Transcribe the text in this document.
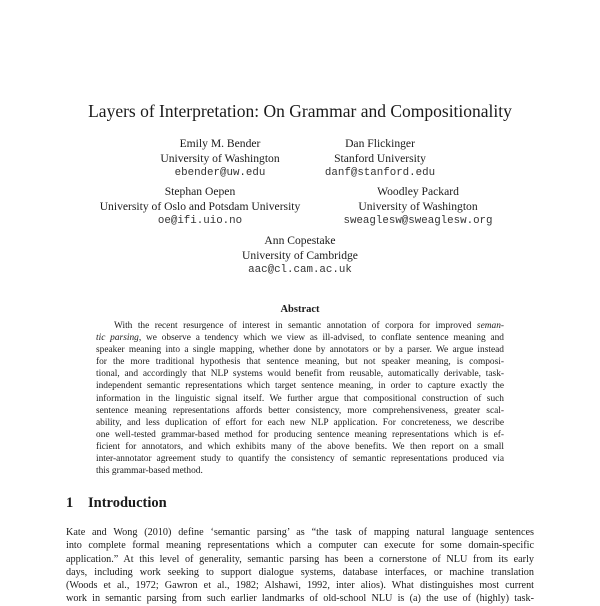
Layers of Interpretation: On Grammar and Compositionality
Emily M. Bender
University of Washington
ebender@uw.edu
Dan Flickinger
Stanford University
danf@stanford.edu
Stephan Oepen
University of Oslo and Potsdam University
oe@ifi.uio.no
Woodley Packard
University of Washington
sweaglesw@sweaglesw.org
Ann Copestake
University of Cambridge
aac@cl.cam.ac.uk
Abstract
With the recent resurgence of interest in semantic annotation of corpora for improved seman-
tic parsing, we observe a tendency which we view as ill-advised, to conflate sentence meaning and
speaker meaning into a single mapping, whether done by annotators or by a parser. We argue instead
for the more traditional hypothesis that sentence meaning, but not speaker meaning, is composi-
tional, and accordingly that NLP systems would benefit from reusable, automatically derivable, task-
independent semantic representations which target sentence meaning, in order to capture exactly the
information in the linguistic signal itself. We further argue that compositional construction of such
sentence meaning representations affords better consistency, more comprehensiveness, greater scal-
ability, and less duplication of effort for each new NLP application. For concreteness, we describe
one well-tested grammar-based method for producing sentence meaning representations which is ef-
ficient for annotators, and which exhibits many of the above benefits. We then report on a small
inter-annotator agreement study to quantify the consistency of semantic representations produced via
this grammar-based method.
1 Introduction
Kate and Wong (2010) define ‘semantic parsing’ as “the task of mapping natural language sentences
into complete formal meaning representations which a computer can execute for some domain-specific
application.” At this level of generality, semantic parsing has been a cornerstone of NLU from its early
days, including work seeking to support dialogue systems, database interfaces, or machine translation
(Woods et al., 1972; Gawron et al., 1982; Alshawi, 1992, inter alios). What distinguishes most current
work in semantic parsing from such earlier landmarks of old-school NLU is (a) the use of (highly) task-
